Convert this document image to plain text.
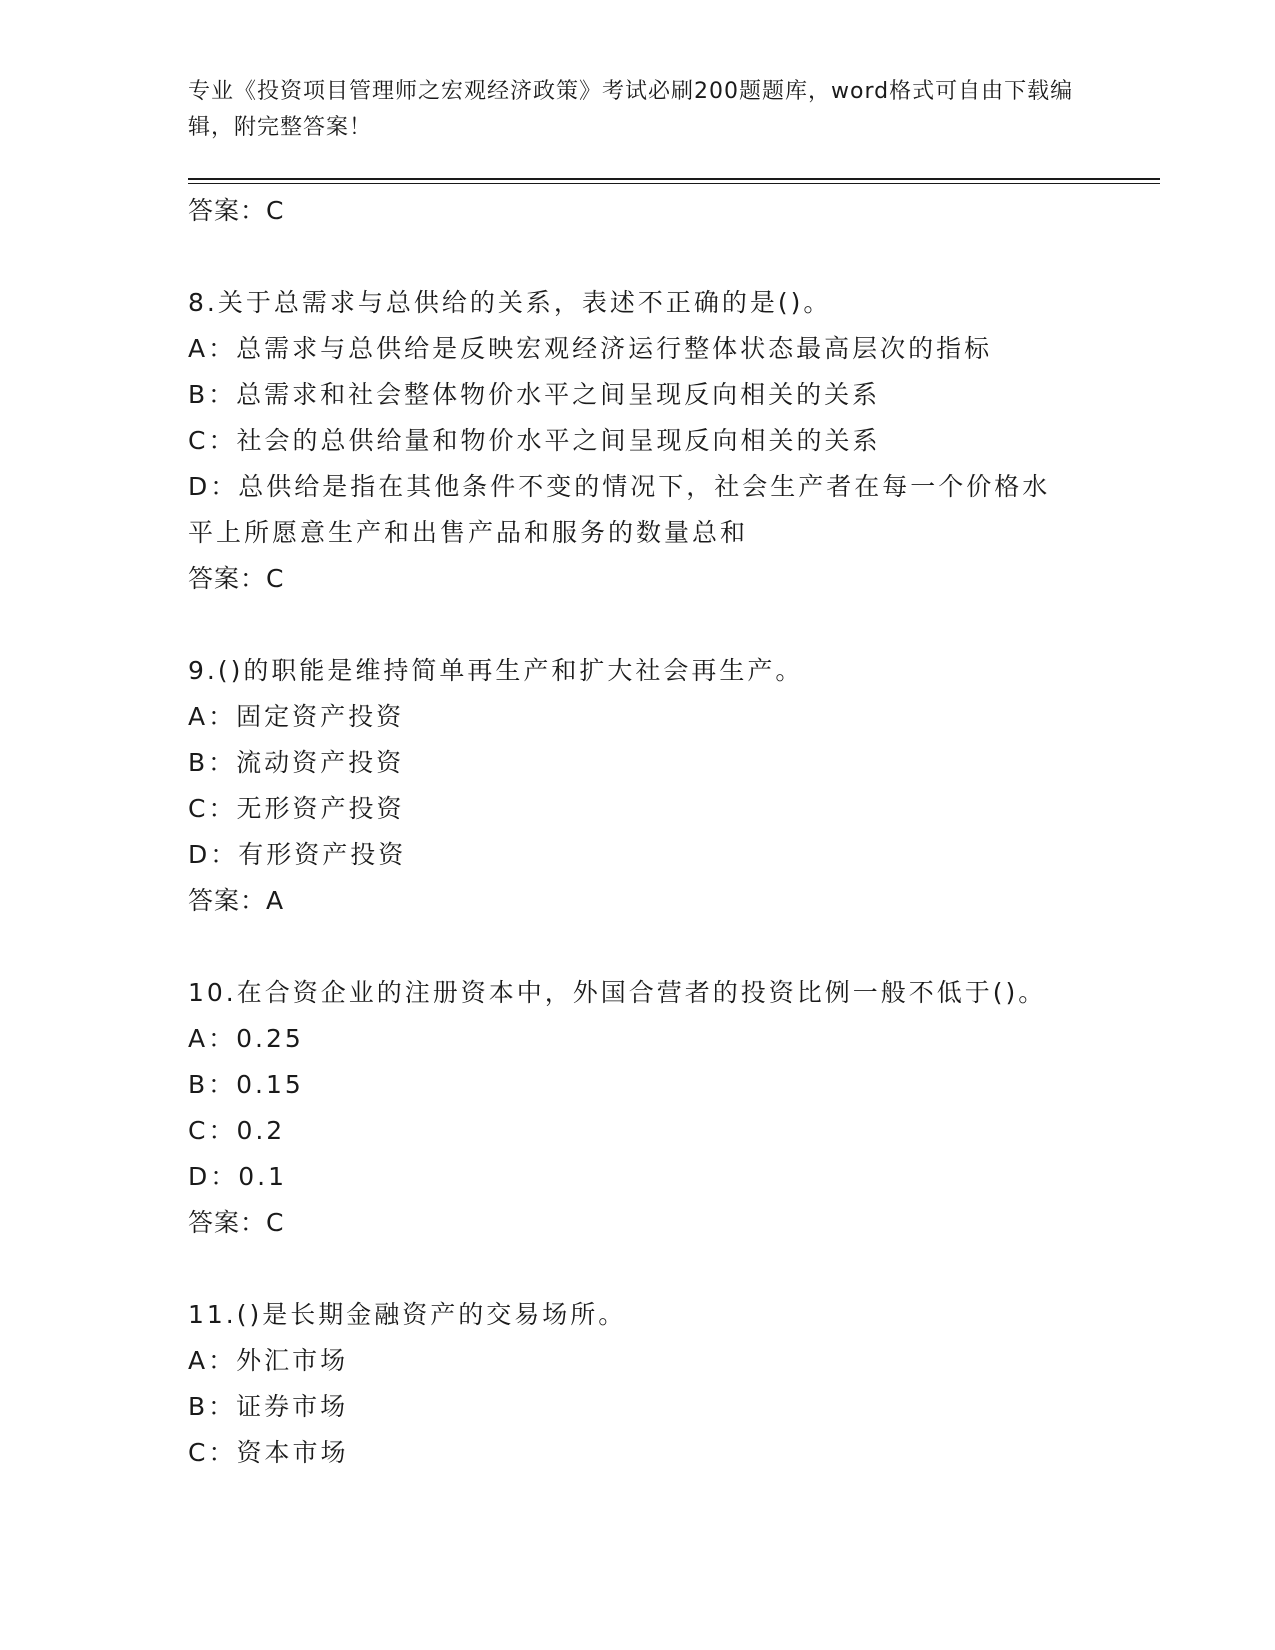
专业《投资项目管理师之宏观经济政策》考试必刷200题题库，word格式可自由下载编辑，附完整答案！
答案：C
8.关于总需求与总供给的关系，表述不正确的是()。
A：总需求与总供给是反映宏观经济运行整体状态最高层次的指标
B：总需求和社会整体物价水平之间呈现反向相关的关系
C：社会的总供给量和物价水平之间呈现反向相关的关系
D：总供给是指在其他条件不变的情况下，社会生产者在每一个价格水
平上所愿意生产和出售产品和服务的数量总和
答案：C
9.()的职能是维持简单再生产和扩大社会再生产。
A：固定资产投资
B：流动资产投资
C：无形资产投资
D：有形资产投资
答案：A
10.在合资企业的注册资本中，外国合营者的投资比例一般不低于()。
A：0.25
B：0.15
C：0.2
D：0.1
答案：C
11.()是长期金融资产的交易场所。
A：外汇市场
B：证券市场
C：资本市场
